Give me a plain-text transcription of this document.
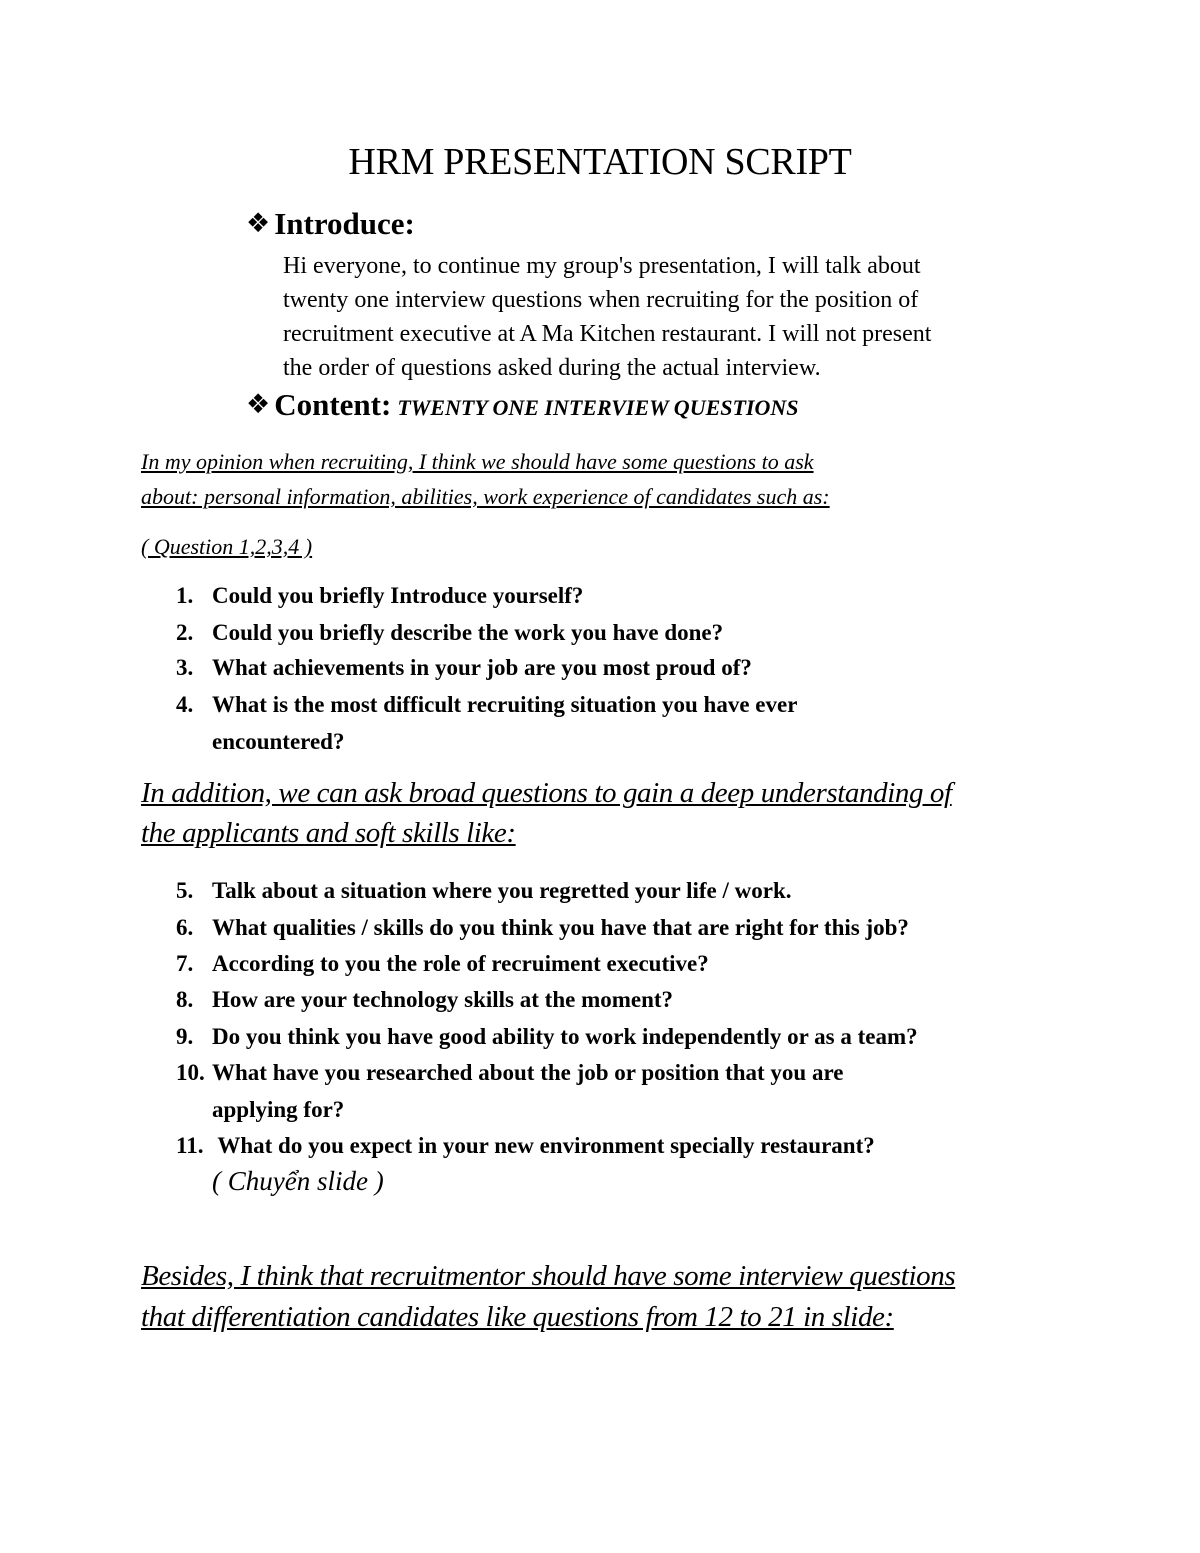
HRM PRESENTATION SCRIPT
❖ Introduce:

Hi everyone, to continue my group's presentation, I will talk about

twenty one interview questions when recruiting for the position of

recruitment executive at A Ma Kitchen restaurant. I will not present

the order of questions asked during the actual interview.

❖ Content: TWENTY ONE INTERVIEW QUESTIONS

In my opinion when recruiting, I think we should have some questions to ask

about: personal information, abilities, work experience of candidates such as:

( Question 1,2,3,4 )

1. Could you briefly Introduce yourself?

2. Could you briefly describe the work you have done?

3. What achievements in your job are you most proud of?

4. What is the most difficult recruiting situation you have ever

encountered?

In addition, we can ask broad questions to gain a deep understanding of

the applicants and soft skills like:

5. Talk about a situation where you regretted your life / work.

6. What qualities / skills do you think you have that are right for this job?

7. According to you the role of recruiment executive?

8. How are your technology skills at the moment?

9. Do you think you have good ability to work independently or as a team?

10. What have you researched about the job or position that you are

applying for?

11. What do you expect in your new environment specially restaurant?

( Chuyển slide )

Besides, I think that recruitmentor should have some interview questions

that differentiation candidates like questions from 12 to 21 in slide:
